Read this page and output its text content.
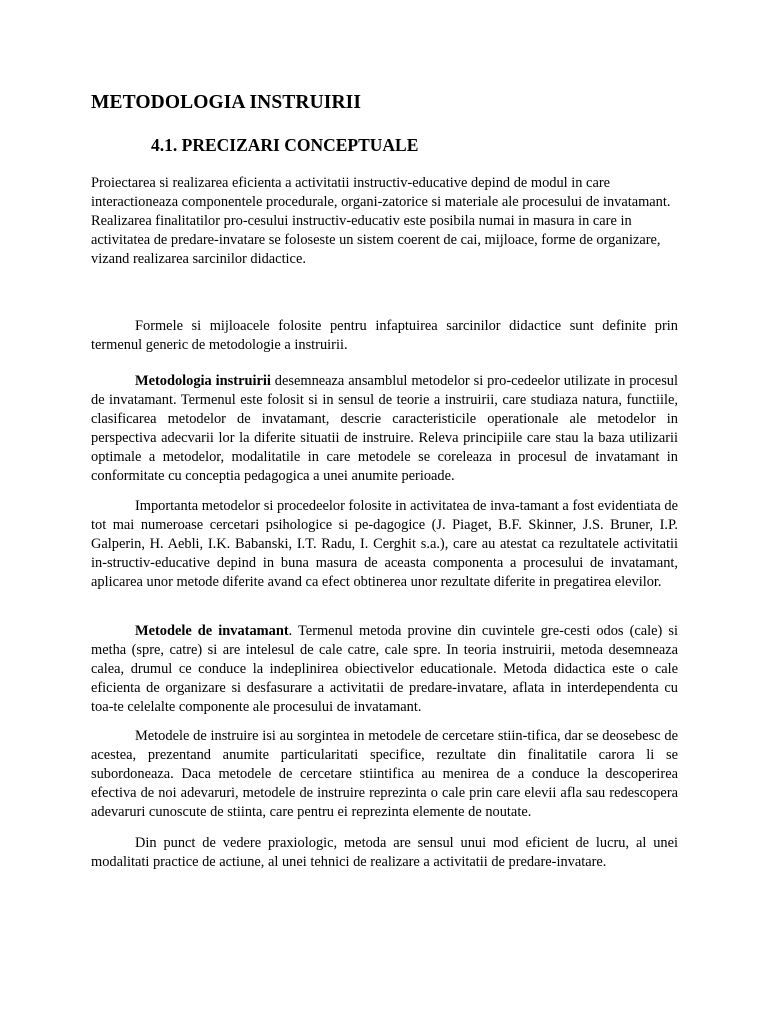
METODOLOGIA INSTRUIRII
4.1. PRECIZARI CONCEPTUALE
Proiectarea si realizarea eficienta a activitatii instructiv-educative depind de modul in care interactioneaza componentele procedurale, organi-zatorice si materiale ale procesului de invatamant. Realizarea finalitatilor pro-cesului instructiv-educativ este posibila numai in masura in care in activitatea de predare-invatare se foloseste un sistem coerent de cai, mijloace, forme de organizare, vizand realizarea sarcinilor didactice.
Formele si mijloacele folosite pentru infaptuirea sarcinilor didactice sunt definite prin termenul generic de metodologie a instruirii.
Metodologia instruirii desemneaza ansamblul metodelor si pro-cedeelor utilizate in procesul de invatamant. Termenul este folosit si in sensul de teorie a instruirii, care studiaza natura, functiile, clasificarea metodelor de invatamant, descrie caracteristicile operationale ale metodelor in perspectiva adecvarii lor la diferite situatii de instruire. Releva principiile care stau la baza utilizarii optimale a metodelor, modalitatile in care metodele se coreleaza in procesul de invatamant in conformitate cu conceptia pedagogica a unei anumite perioade.
Importanta metodelor si procedeelor folosite in activitatea de inva-tamant a fost evidentiata de tot mai numeroase cercetari psihologice si pe-dagogice (J. Piaget, B.F. Skinner, J.S. Bruner, I.P. Galperin, H. Aebli, I.K. Babanski, I.T. Radu, I. Cerghit s.a.), care au atestat ca rezultatele activitatii in-structiv-educative depind in buna masura de aceasta componenta a procesului de invatamant, aplicarea unor metode diferite avand ca efect obtinerea unor rezultate diferite in pregatirea elevilor.
Metodele de invatamant. Termenul metoda provine din cuvintele gre-cesti odos (cale) si metha (spre, catre) si are intelesul de cale catre, cale spre. In teoria instruirii, metoda desemneaza calea, drumul ce conduce la indeplinirea obiectivelor educationale. Metoda didactica este o cale eficienta de organizare si desfasurare a activitatii de predare-invatare, aflata in interdependenta cu toa-te celelalte componente ale procesului de invatamant.
Metodele de instruire isi au sorgintea in metodele de cercetare stiin-tifica, dar se deosebesc de acestea, prezentand anumite particularitati specifice, rezultate din finalitatile carora li se subordoneaza. Daca metodele de cercetare stiintifica au menirea de a conduce la descoperirea efectiva de noi adevaruri, metodele de instruire reprezinta o cale prin care elevii afla sau redescopera adevaruri cunoscute de stiinta, care pentru ei reprezinta elemente de noutate.
Din punct de vedere praxiologic, metoda are sensul unui mod eficient de lucru, al unei modalitati practice de actiune, al unei tehnici de realizare a activitatii de predare-invatare.
